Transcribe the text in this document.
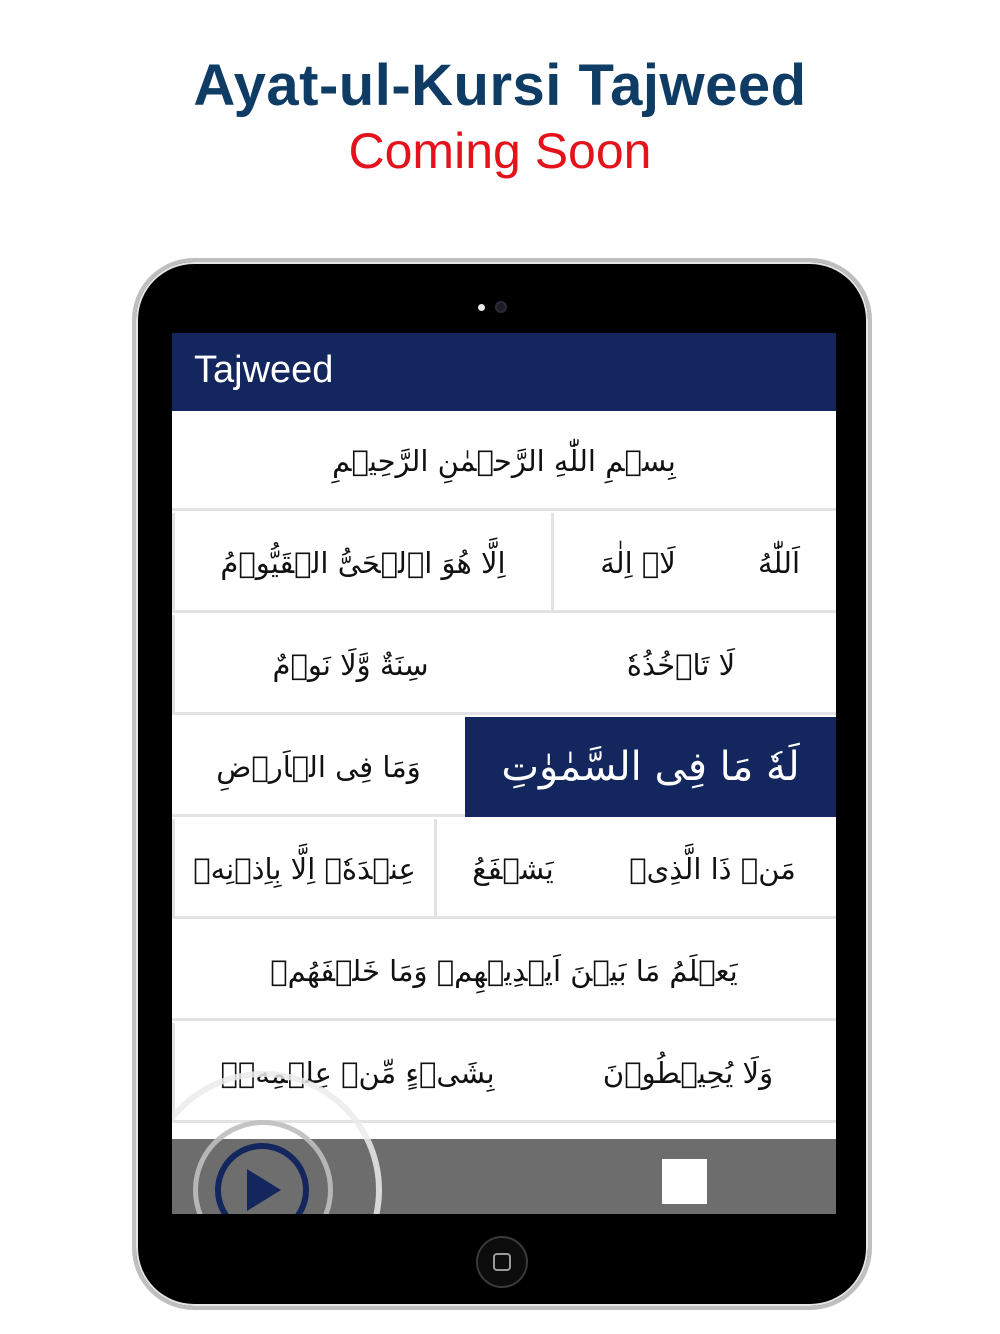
Ayat-ul-Kursi Tajweed
Coming Soon
Tajweed
بِسۡمِ اللّٰهِ الرَّحۡمٰنِ الرَّحِیۡمِ
اَللّٰهُ
لَاۤ اِلٰهَ
اِلَّا هُوَ اۚلۡحَیُّ الۡقَیُّوۡمُ
لَا تَاۡخُذُهٗ
سِنَةٌ وَّلَا نَوۡمٌ
لَهٗ مَا فِی السَّمٰوٰتِ
وَمَا فِی الۡاَرۡضِ
مَنۡ ذَا الَّذِیۡ
یَشۡفَعُ
عِنۡدَهٗۤ اِلَّا بِاِذۡنِهٖ
یَعۡلَمُ مَا بَیۡنَ اَیۡدِیۡهِمۡ وَمَا خَلۡفَهُمۡ
وَلَا یُحِیۡطُوۡنَ
بِشَیۡءٍ مِّنۡ عِلۡمِهٖۤ
